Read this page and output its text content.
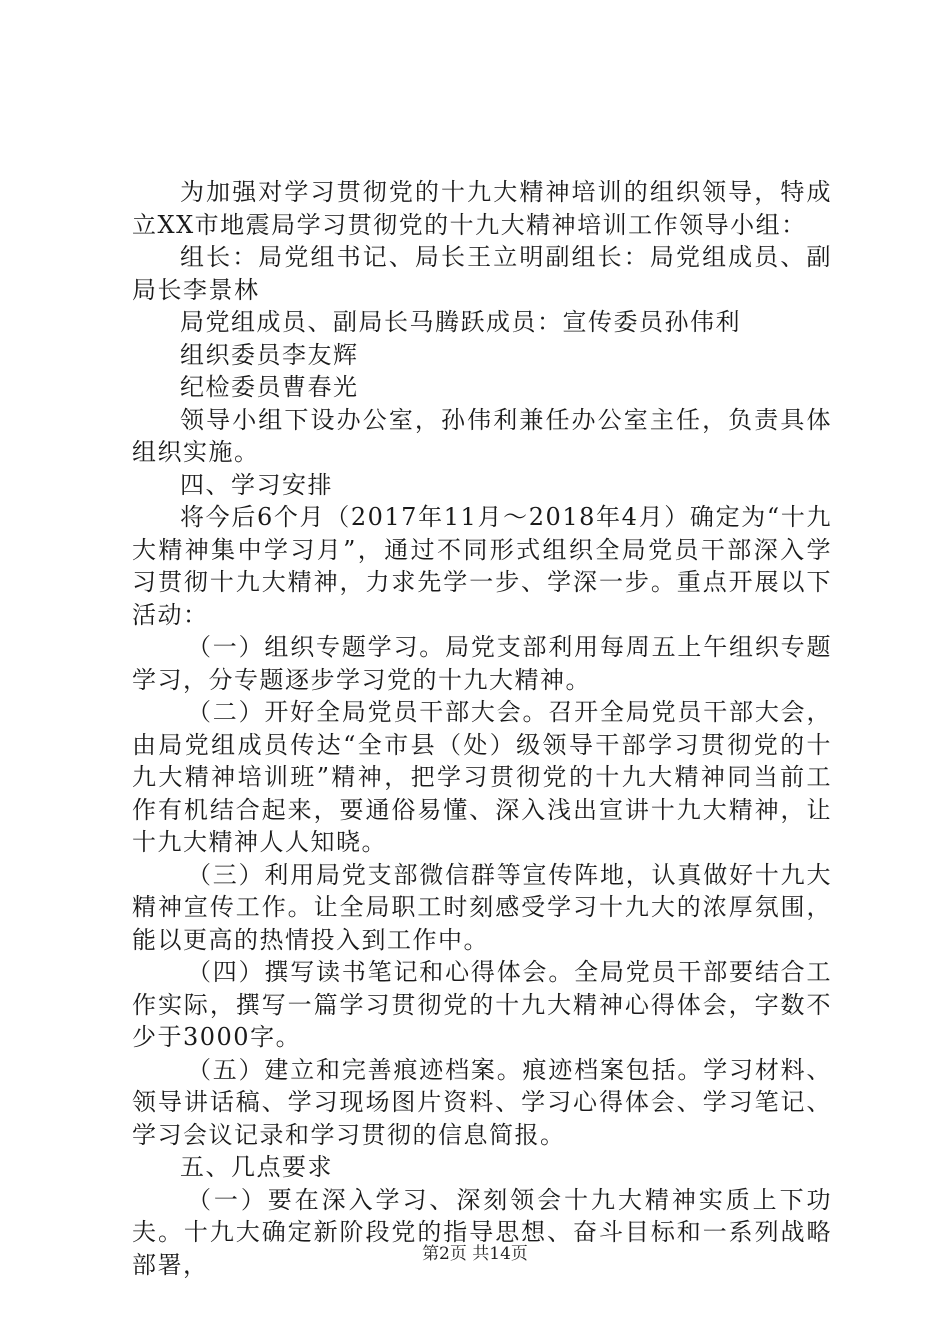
为加强对学习贯彻党的十九大精神培训的组织领导，特成立XX市地震局学习贯彻党的十九大精神培训工作领导小组：

组长：局党组书记、局长王立明副组长：局党组成员、副局长李景林

局党组成员、副局长马腾跃成员：宣传委员孙伟利

组织委员李友辉

纪检委员曹春光

领导小组下设办公室，孙伟利兼任办公室主任，负责具体组织实施。

四、学习安排

将今后6个月（2017年11月～2018年4月）确定为“十九大精神集中学习月”，通过不同形式组织全局党员干部深入学习贯彻十九大精神，力求先学一步、学深一步。重点开展以下活动：

（一）组织专题学习。局党支部利用每周五上午组织专题学习，分专题逐步学习党的十九大精神。

（二）开好全局党员干部大会。召开全局党员干部大会，由局党组成员传达“全市县（处）级领导干部学习贯彻党的十九大精神培训班”精神，把学习贯彻党的十九大精神同当前工作有机结合起来，要通俗易懂、深入浅出宣讲十九大精神，让十九大精神人人知晓。

（三）利用局党支部微信群等宣传阵地，认真做好十九大精神宣传工作。让全局职工时刻感受学习十九大的浓厚氛围，能以更高的热情投入到工作中。

（四）撰写读书笔记和心得体会。全局党员干部要结合工作实际，撰写一篇学习贯彻党的十九大精神心得体会，字数不少于3000字。

（五）建立和完善痕迹档案。痕迹档案包括。学习材料、领导讲话稿、学习现场图片资料、学习心得体会、学习笔记、学习会议记录和学习贯彻的信息简报。

五、几点要求

（一）要在深入学习、深刻领会十九大精神实质上下功夫。十九大确定新阶段党的指导思想、奋斗目标和一系列战略部署，	第2页 共14页
